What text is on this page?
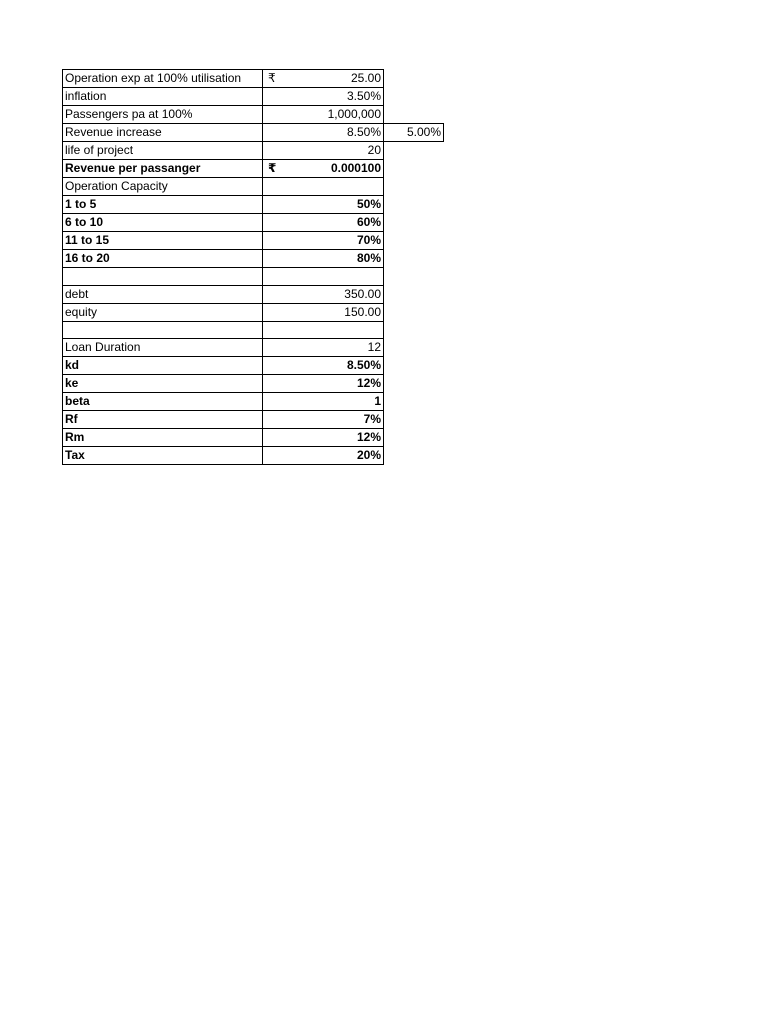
Operation exp at 100% utilisation	₹ 25.00	
inflation	3.50%	
Passengers pa at 100%	1,000,000	
Revenue increase	8.50%	5.00%
life of project	20	
Revenue per passanger	₹ 0.000100	
Operation Capacity		
1 to 5	50%	
6 to 10	60%	
11 to 15	70%	
16 to 20	80%	

debt	350.00	
equity	150.00	

Loan Duration	12	
kd	8.50%	
ke	12%	
beta	1	
Rf	7%	
Rm	12%	
Tax	20%	
